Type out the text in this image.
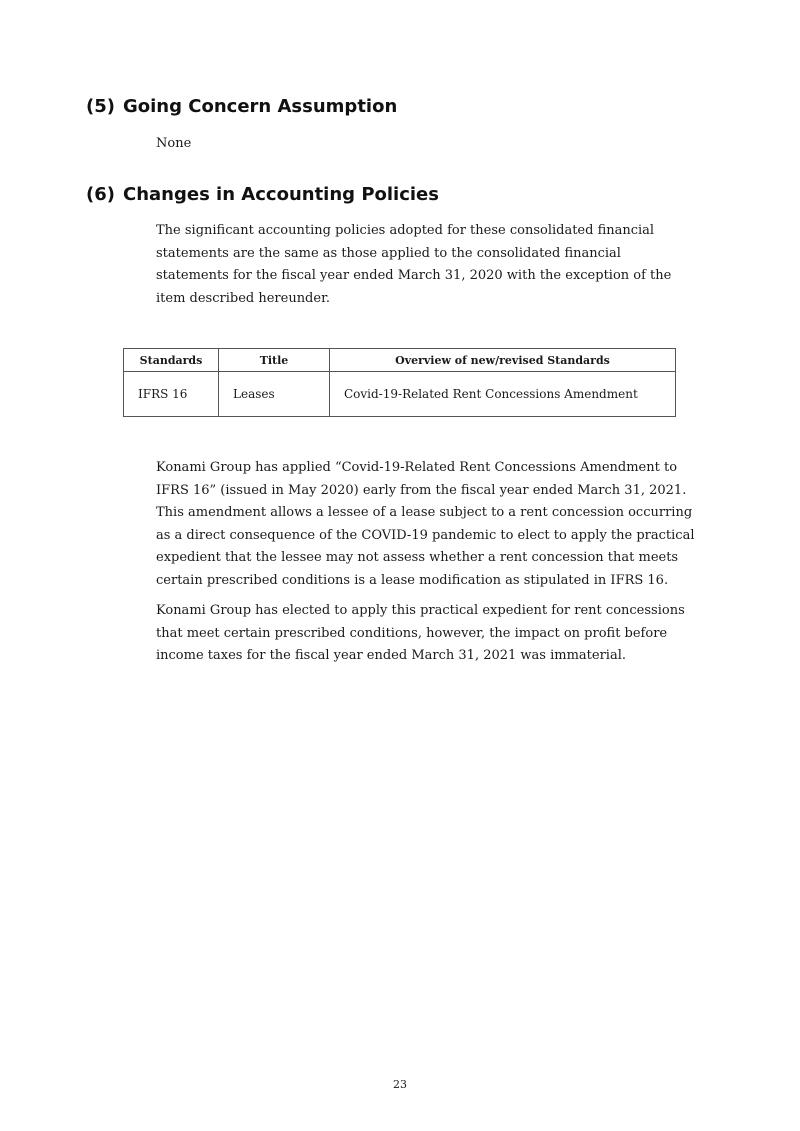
(5) Going Concern Assumption

None

(6) Changes in Accounting Policies

The significant accounting policies adopted for these consolidated financial statements are the same as those applied to the consolidated financial statements for the fiscal year ended March 31, 2020 with the exception of the item described hereunder.

Standards	Title	Overview of new/revised Standards
IFRS 16	Leases	Covid-19-Related Rent Concessions Amendment

Konami Group has applied “Covid-19-Related Rent Concessions Amendment to IFRS 16” (issued in May 2020) early from the fiscal year ended March 31, 2021. This amendment allows a lessee of a lease subject to a rent concession occurring as a direct consequence of the COVID-19 pandemic to elect to apply the practical expedient that the lessee may not assess whether a rent concession that meets certain prescribed conditions is a lease modification as stipulated in IFRS 16.

Konami Group has elected to apply this practical expedient for rent concessions that meet certain prescribed conditions, however, the impact on profit before income taxes for the fiscal year ended March 31, 2021 was immaterial.

23
